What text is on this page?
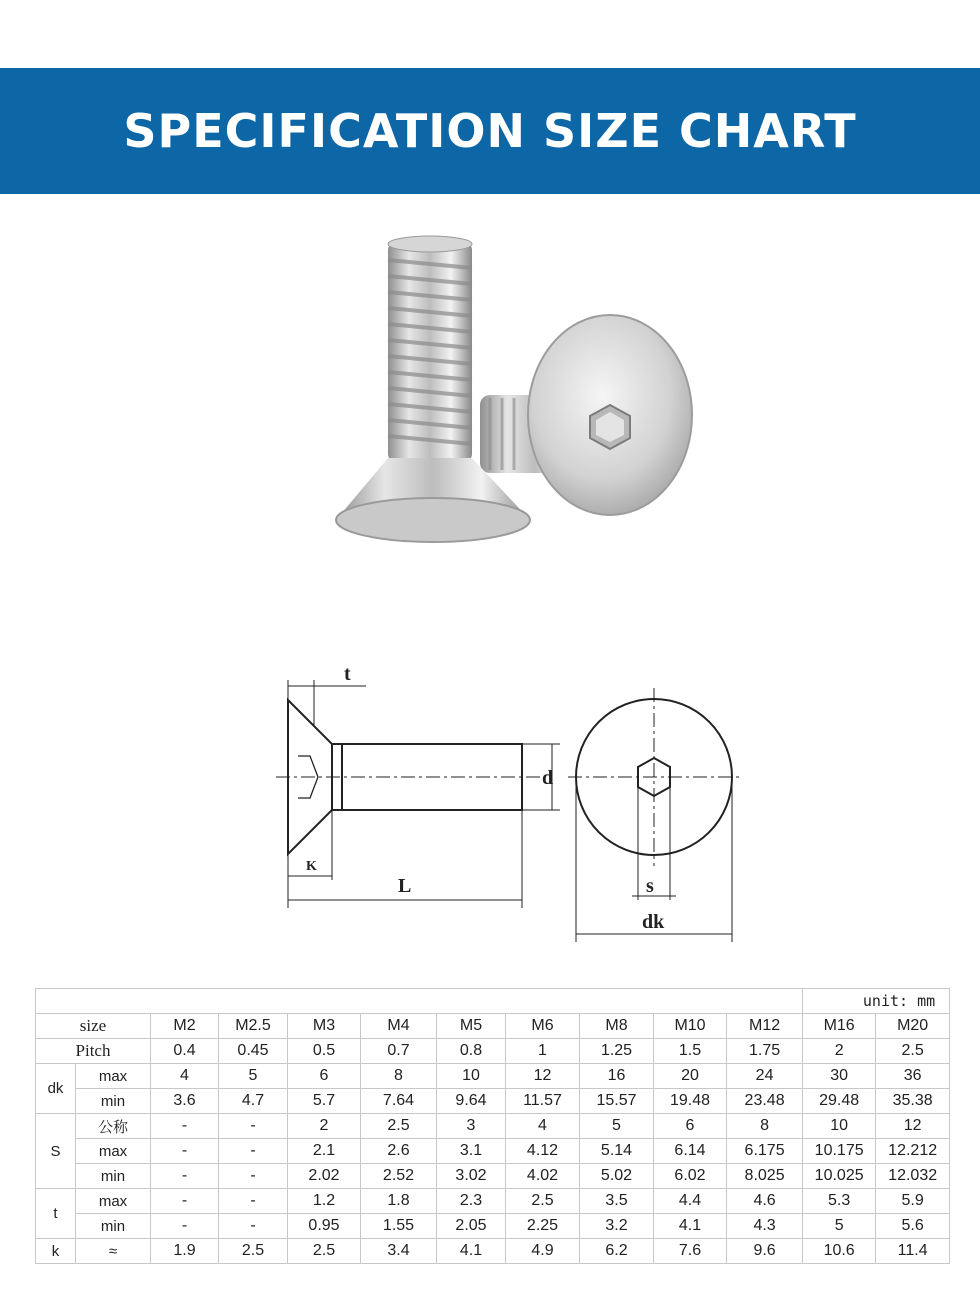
SPECIFICATION SIZE CHART
t
d
K
L	s
dk
											unit: mm	
size		M2	M2.5	M3	M4	M5	M6	M8	M10	M12	M16	M20
Pitch		0.4	0.45	0.5	0.7	0.8	1	1.25	1.5	1.75	2	2.5
dk	max	4	5	6	8	10	12	16	20	24	30	36
	min	3.6	4.7	5.7	7.64	9.64	11.57	15.57	19.48	23.48	29.48	35.38
S	公称	-	-	2	2.5	3	4	5	6	8	10	12
	max	-	-	2.1	2.6	3.1	4.12	5.14	6.14	6.175	10.175	12.212
	min	-	-	2.02	2.52	3.02	4.02	5.02	6.02	8.025	10.025	12.032
t	max	-	-	1.2	1.8	2.3	2.5	3.5	4.4	4.6	5.3	5.9
	min	-	-	0.95	1.55	2.05	2.25	3.2	4.1	4.3	5	5.6
k	≈	1.9	2.5	2.5	3.4	4.1	4.9	6.2	7.6	9.6	10.6	11.4
